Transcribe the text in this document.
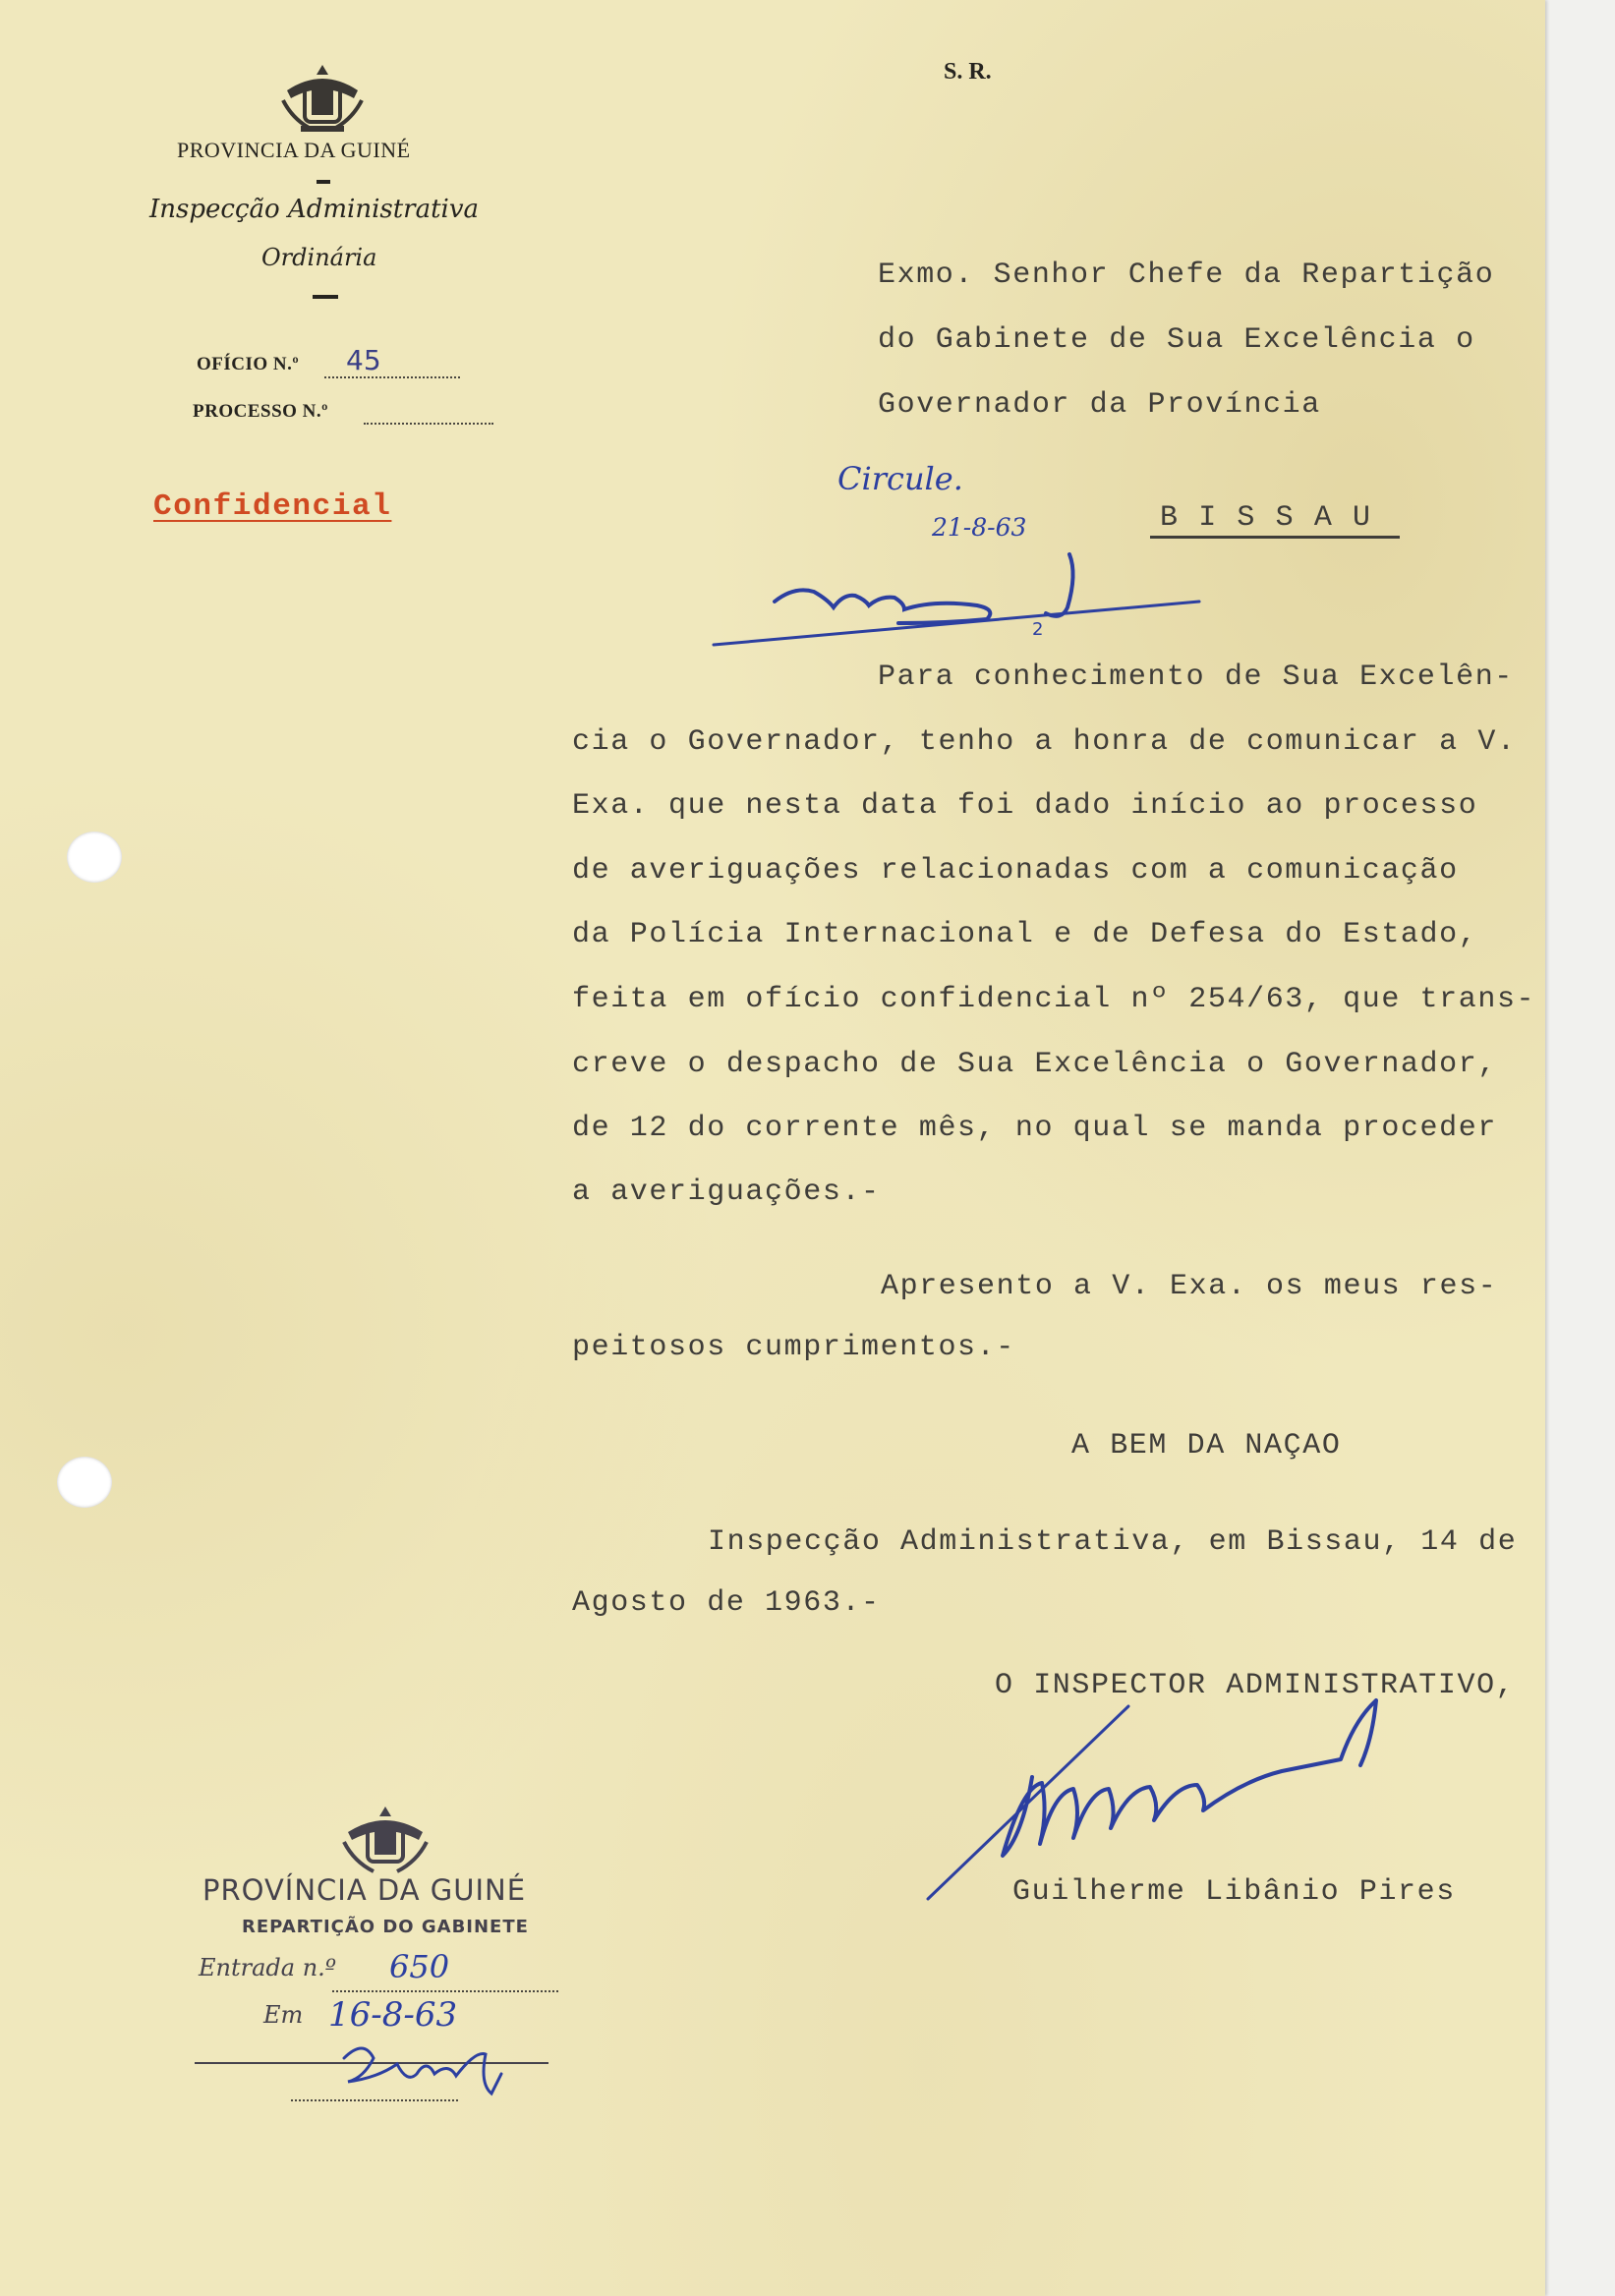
S. R.

PROVINCIA DA GUINÉ

Inspecção Administrativa

Ordinária

OFÍCIO N.º 45

PROCESSO N.º

Confidencial

Exmo. Senhor Chefe da Repartição

do Gabinete de Sua Excelência o

Governador da Província

B I S S A U

Circule.

21-8-63

2

Para conhecimento de Sua Excelên-

cia o Governador, tenho a honra de comunicar a V.

Exa. que nesta data foi dado início ao processo

de averiguações relacionadas com a comunicação

da Polícia Internacional e de Defesa do Estado,

feita em ofício confidencial nº 254/63, que trans-

creve o despacho de Sua Excelência o Governador,

de 12 do corrente mês, no qual se manda proceder

a averiguações.-

Apresento a V. Exa. os meus res-

peitosos cumprimentos.-

A BEM DA NAÇAO

Inspecção Administrativa, em Bissau, 14 de

Agosto de 1963.-

O INSPECTOR ADMINISTRATIVO,

Guilherme Libânio Pires

PROVÍNCIA DA GUINÉ

REPARTIÇÃO DO GABINETE

Entrada n.º 650

Em 16-8-63
